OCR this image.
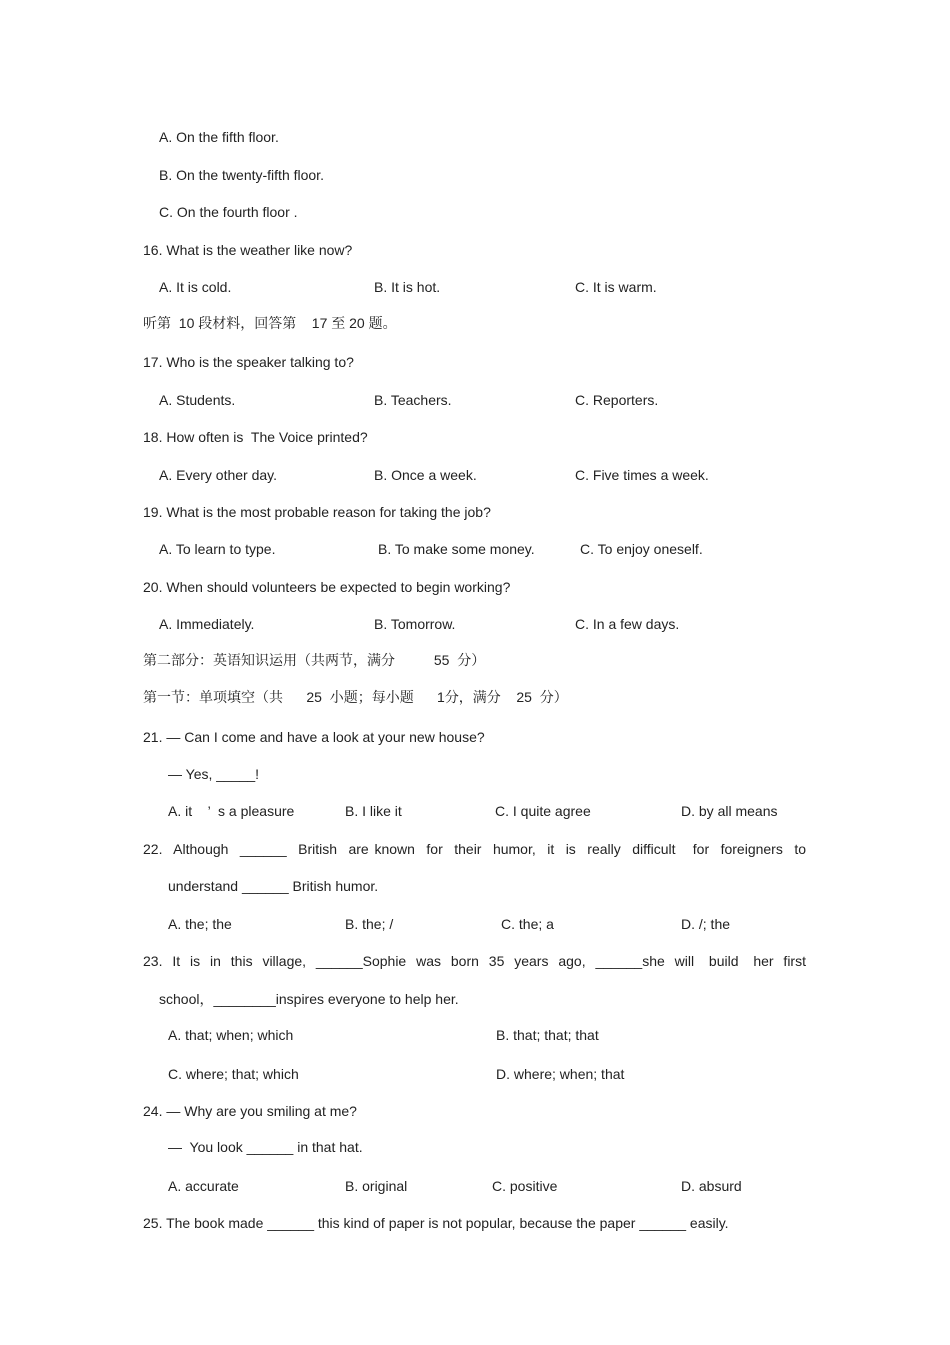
A. On the fifth floor.
B. On the twenty-fifth floor.
C. On the fourth floor .
16. What is the weather like now?
A. It is cold.	B. It is hot.	C. It is warm.
听第  10 段材料，回答第    17 至 20 题。
17. Who is the speaker talking to?
A. Students.	B. Teachers.	C. Reporters.
18. How often is  The Voice printed?
A. Every other day.	B. Once a week.	C. Five times a week.
19. What is the most probable reason for taking the job?
A. To learn to type.	B. To make some money.	C. To enjoy oneself.
20. When should volunteers be expected to begin working?
A. Immediately.	B. Tomorrow.	C. In a few days.
第二部分：英语知识运用（共两节，满分          55  分）
第一节：单项填空（共      25  小题；每小题      1分，满分    25  分）
21. — Can I come and have a look at your new house?
— Yes, _____!
A. it    ’  s a pleasure	B. I like it	C. I quite agree	D. by all means
22.  Although  ______  British  are known  for  their  humor,  it  is  really  difficult   for  foreigners  to
understand ______ British humor.
A. the; the	B. the; /	C. the; a	D. /; the
23.  It  is  in  this  village,  ______Sophie  was  born  35  years  ago,  ______she  will   build   her  first
school，________inspires everyone to help her.
A. that; when; which	B. that; that; that
C. where; that; which	D. where; when; that
24. — Why are you smiling at me?
—  You look ______ in that hat.
A. accurate	B. original	C. positive	D. absurd
25. The book made ______ this kind of paper is not popular, because the paper ______ easily.
